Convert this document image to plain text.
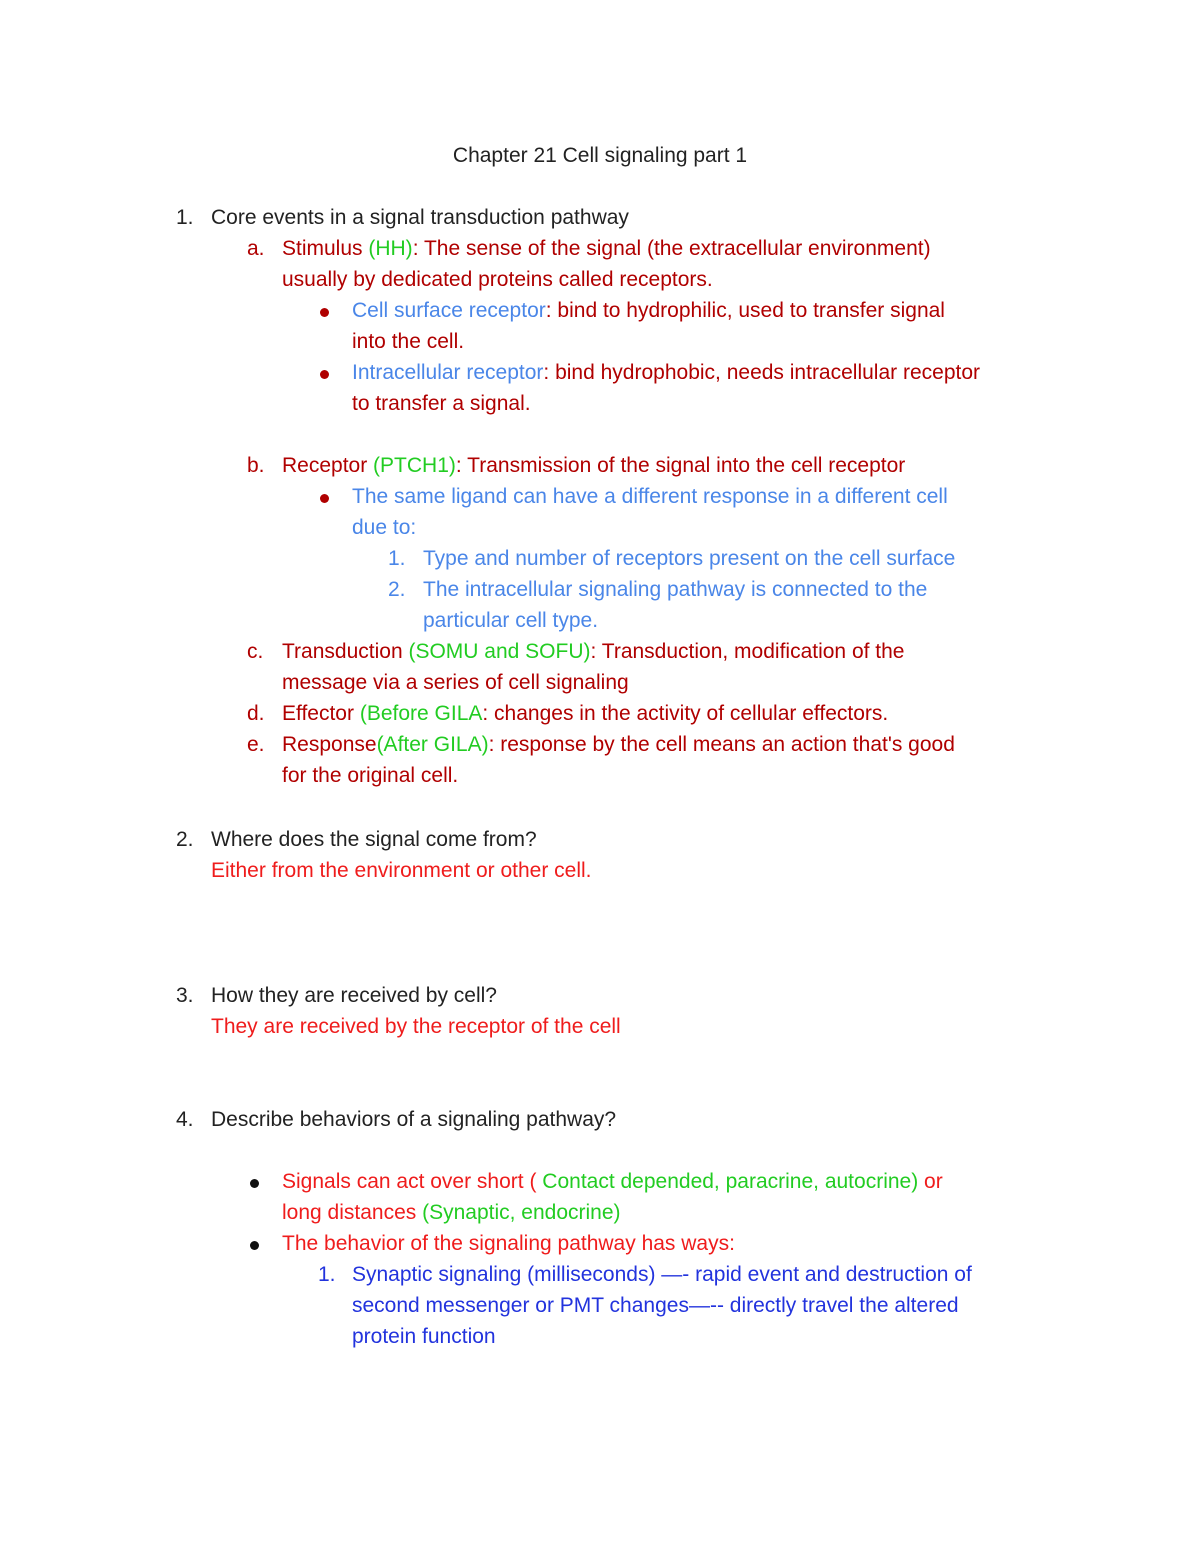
Chapter 21 Cell signaling part 1
1. Core events in a signal transduction pathway
a. Stimulus (HH): The sense of the signal (the extracellular environment)
usually by dedicated proteins called receptors.
Cell surface receptor: bind to hydrophilic, used to transfer signal
into the cell.
Intracellular receptor: bind hydrophobic, needs intracellular receptor
to transfer a signal.
b. Receptor (PTCH1): Transmission of the signal into the cell receptor
The same ligand can have a different response in a different cell
due to:
1. Type and number of receptors present on the cell surface
2. The intracellular signaling pathway is connected to the
particular cell type.
c. Transduction (SOMU and SOFU): Transduction, modification of the
message via a series of cell signaling
d. Effector (Before GILA: changes in the activity of cellular effectors.
e. Response(After GILA): response by the cell means an action that's good
for the original cell.
2. Where does the signal come from?
Either from the environment or other cell.
3. How they are received by cell?
They are received by the receptor of the cell
4. Describe behaviors of a signaling pathway?
Signals can act over short ( Contact depended, paracrine, autocrine) or
long distances (Synaptic, endocrine)
The behavior of the signaling pathway has ways:
1. Synaptic signaling (milliseconds) —- rapid event and destruction of
second messenger or PMT changes—-- directly travel the altered
protein function
